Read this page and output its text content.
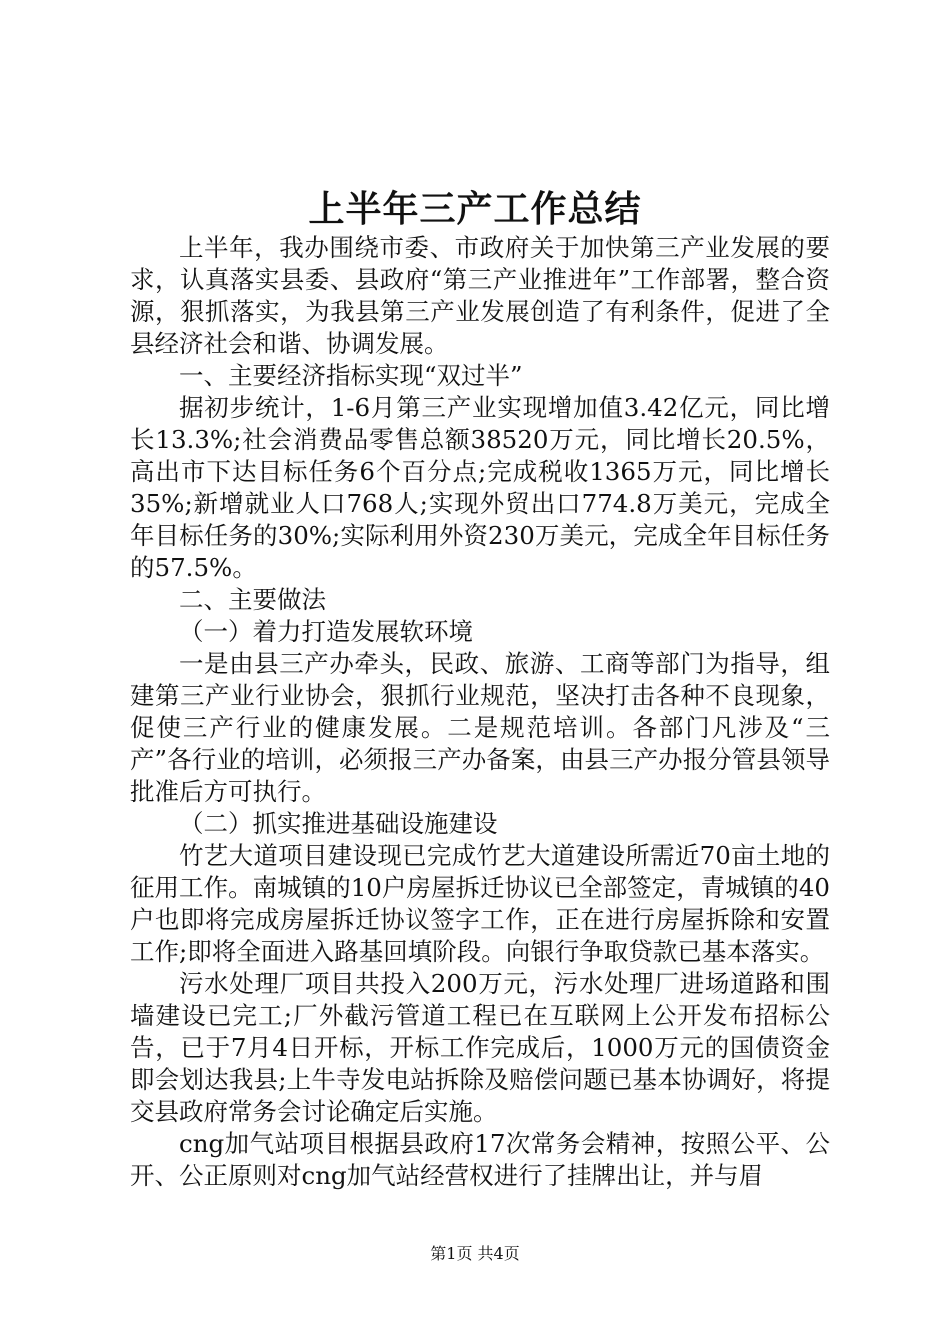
上半年三产工作总结

上半年，我办围绕市委、市政府关于加快第三产业发展的要求，认真落实县委、县政府“第三产业推进年”工作部署，整合资源，狠抓落实，为我县第三产业发展创造了有利条件，促进了全县经济社会和谐、协调发展。

一、主要经济指标实现“双过半”

据初步统计，1-6月第三产业实现增加值3.42亿元，同比增长13.3%;社会消费品零售总额38520万元，同比增长20.5%，高出市下达目标任务6个百分点;完成税收1365万元，同比增长35%;新增就业人口768人;实现外贸出口774.8万美元，完成全年目标任务的30%;实际利用外资230万美元，完成全年目标任务的57.5%。

二、主要做法

（一）着力打造发展软环境

一是由县三产办牵头，民政、旅游、工商等部门为指导，组建第三产业行业协会，狠抓行业规范，坚决打击各种不良现象，促使三产行业的健康发展。二是规范培训。各部门凡涉及“三产”各行业的培训，必须报三产办备案，由县三产办报分管县领导批准后方可执行。

（二）抓实推进基础设施建设

竹艺大道项目建设现已完成竹艺大道建设所需近70亩土地的征用工作。南城镇的10户房屋拆迁协议已全部签定，青城镇的40户也即将完成房屋拆迁协议签字工作，正在进行房屋拆除和安置工作;即将全面进入路基回填阶段。向银行争取贷款已基本落实。

污水处理厂项目共投入200万元，污水处理厂进场道路和围墙建设已完工;厂外截污管道工程已在互联网上公开发布招标公告，已于7月4日开标，开标工作完成后，1000万元的国债资金即会划达我县;上牛寺发电站拆除及赔偿问题已基本协调好，将提交县政府常务会讨论确定后实施。

cng加气站项目根据县政府17次常务会精神，按照公平、公开、公正原则对cng加气站经营权进行了挂牌出让，并与眉

第1页 共4页
